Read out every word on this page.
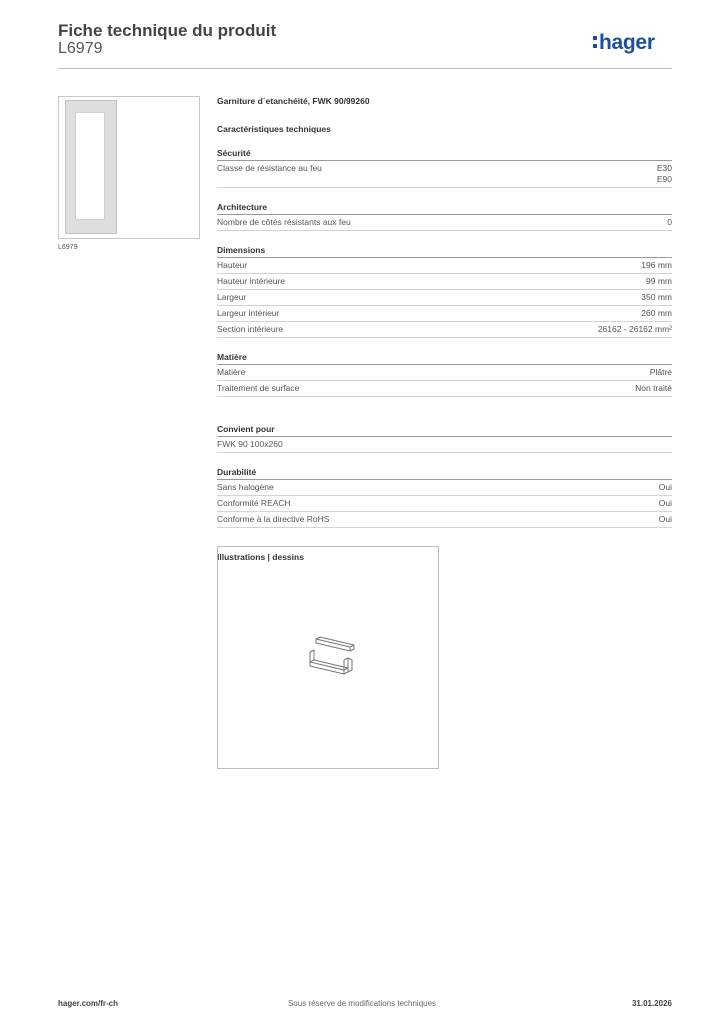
Fiche technique du produit
L6979	hager
L6979
Garniture d´etanchéité, FWK 90/99260
Caractéristiques techniques
Sécurité
Classe de résistance au feu	E30
E90
Architecture
Nombre de côtés résistants aux feu	0
Dimensions
Hauteur	196 mm
Hauteur intérieure	99 mm
Largeur	350 mm
Largeur intérieur	260 mm
Section intérieure	26162 - 26162 mm²
Matière
Matière	Plâtre
Traitement de surface	Non traité
Convient pour
FWK 90 100x260
Durabilité
Sans halogène	Oui
Conformité REACH	Oui
Conforme à la directive RoHS	Oui
Illustrations | dessins
hager.com/fr-ch	Sous réserve de modifications techniques	31.01.2026
